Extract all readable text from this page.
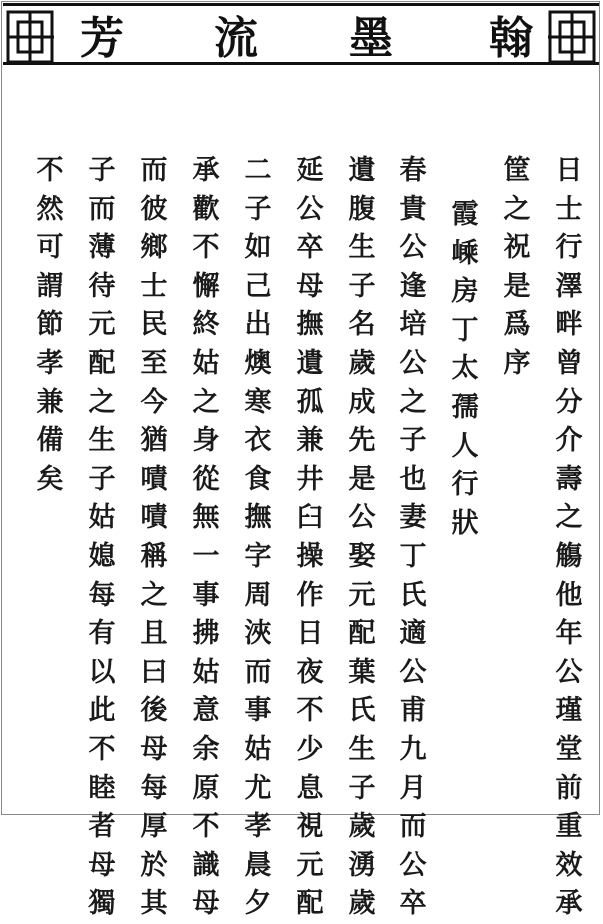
芳 流 墨 翰
日
士
行
澤
畔
曾
分
介
壽
之
觴
他
年
公
瑾
堂
前
重
效
承
筐
之
祝
是
爲
序
霞
嵊
房
丁
太
孺
人
行
狀
春
貴
公
逢
培
公
之
子
也
妻
丁
氏
適
公
甫
九
月
而
公
卒
遺
腹
生
子
名
歲
成
先
是
公
娶
元
配
葉
氏
生
子
歲
湧
歲
延
公
卒
母
撫
遺
孤
兼
井
臼
操
作
日
夜
不
少
息
視
元
配
二
子
如
己
出
燠
寒
衣
食
撫
字
周
浹
而
事
姑
尤
孝
晨
夕
承
歡
不
懈
終
姑
之
身
從
無
一
事
拂
姑
意
余
原
不
識
母
而
彼
鄉
士
民
至
今
猶
嘖
嘖
稱
之
且
曰
後
母
每
厚
於
其
子
而
薄
待
元
配
之
生
子
姑
媳
每
有
以
此
不
睦
者
母
獨
不
然
可
謂
節
孝
兼
備
矣
